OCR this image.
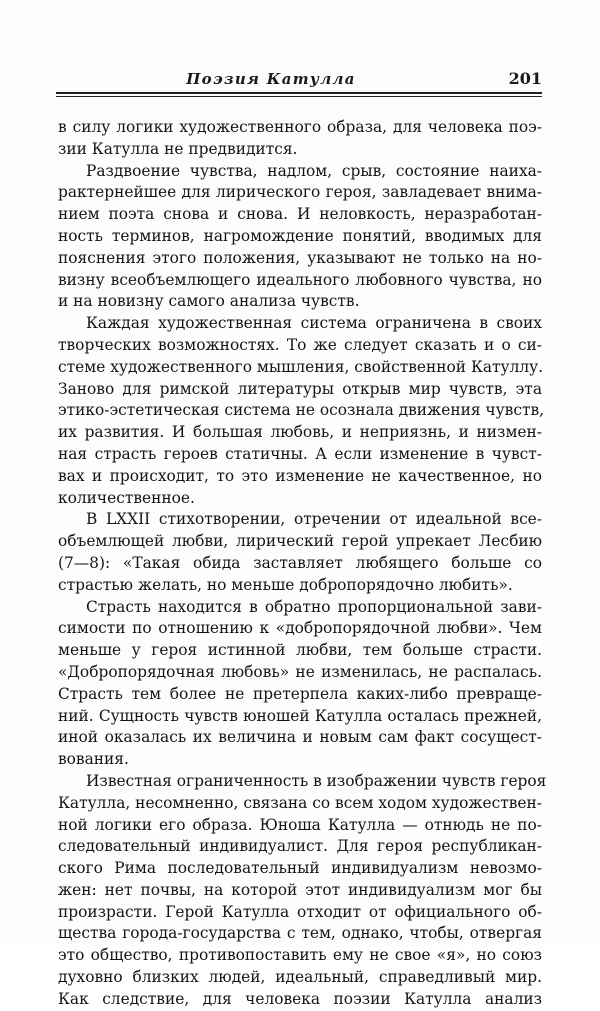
Поэзия Катулла	201
в силу логики художественного образа, для человека поэ-
зии Катулла не предвидится.
Раздвоение чувства, надлом, срыв, состояние наиха-
рактернейшее для лирического героя, завладевает внима-
нием поэта снова и снова. И неловкость, неразработан-
ность терминов, нагромождение понятий, вводимых для
пояснения этого положения, указывают не только на но-
визну всеобъемлющего идеального любовного чувства, но
и на новизну самого анализа чувств.
Каждая художественная система ограничена в своих
творческих возможностях. То же следует сказать и о си-
стеме художественного мышления, свойственной Катуллу.
Заново для римской литературы открыв мир чувств, эта
этико-эстетическая система не осознала движения чувств,
их развития. И большая любовь, и неприязнь, и низмен-
ная страсть героев статичны. А если изменение в чувст-
вах и происходит, то это изменение не качественное, но
количественное.
В LXXII стихотворении, отречении от идеальной все-
объемлющей любви, лирический герой упрекает Лесбию
(7—8): «Такая обида заставляет любящего больше со
страстью желать, но меньше добропорядочно любить».
Страсть находится в обратно пропорциональной зави-
симости по отношению к «добропорядочной любви». Чем
меньше у героя истинной любви, тем больше страсти.
«Добропорядочная любовь» не изменилась, не распалась.
Страсть тем более не претерпела каких-либо превращe-
ний. Сущность чувств юношей Катулла осталась прежней,
иной оказалась их величина и новым сам факт сосущест-
вования.
Известная ограниченность в изображении чувств героя
Катулла, несомненно, связана со всем ходом художествен-
ной логики его образа. Юноша Катулла — отнюдь не по-
следовательный индивидуалист. Для героя республикан-
ского Рима последовательный индивидуализм невозмо-
жен: нет почвы, на которой этот индивидуализм мог бы
произрасти. Герой Катулла отходит от официального об-
щества города-государства с тем, однако, чтобы, отвергая
это общество, противопоставить ему не свое «я», но союз
духовно близких людей, идеальный, справедливый мир.
Как следствие, для человека поэзии Катулла анализ
